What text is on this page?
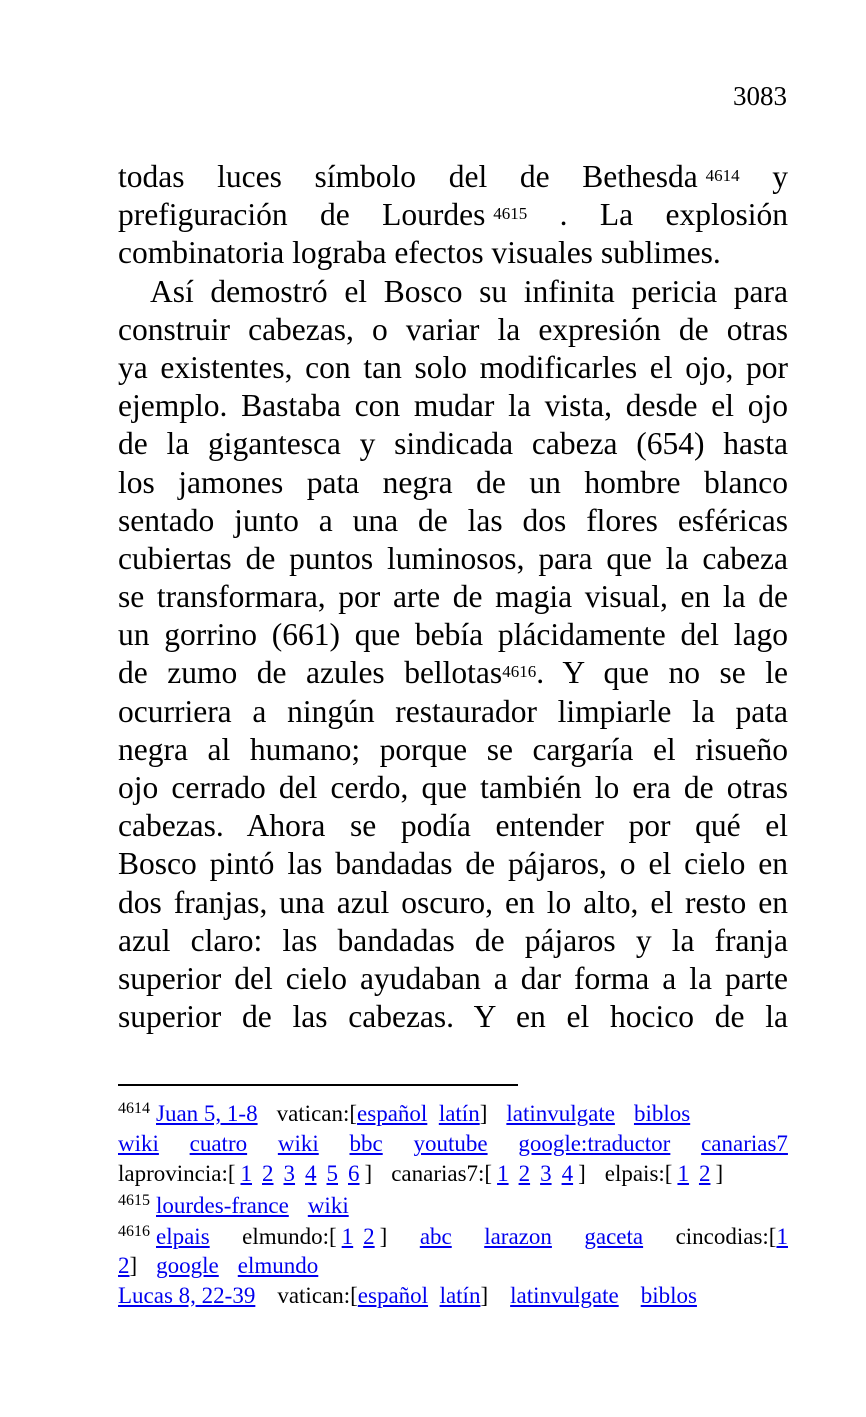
3083
todas luces símbolo del de Bethesda $^{4614}$ y
prefiguración de Lourdes $^{4615}$ . La explosión
combinatoria lograba efectos visuales sublimes.
Así demostró el Bosco su infinita pericia para
construir cabezas, o variar la expresión de otras
ya existentes, con tan solo modificarles el ojo, por
ejemplo. Bastaba con mudar la vista, desde el ojo
de la gigantesca y sindicada cabeza (654) hasta
los jamones pata negra de un hombre blanco
sentado junto a una de las dos flores esféricas
cubiertas de puntos luminosos, para que la cabeza
se transformara, por arte de magia visual, en la de
un gorrino (661) que bebía plácidamente del lago
de zumo de azules bellotas$^{4616}$. Y que no se le
ocurriera a ningún restaurador limpiarle la pata
negra al humano; porque se cargaría el risueño
ojo cerrado del cerdo, que también lo era de otras
cabezas. Ahora se podía entender por qué el
Bosco pintó las bandadas de pájaros, o el cielo en
dos franjas, una azul oscuro, en lo alto, el resto en
azul claro: las bandadas de pájaros y la franja
superior del cielo ayudaban a dar forma a la parte
superior de las cabezas. Y en el hocico de la
4614 Juan 5, 1-8 vatican:[español latín] latinvulgate biblos
wiki cuatro wiki bbc youtube google:traductor canarias7
laprovincia:[ 1 2 3 4 5 6 ] canarias7:[ 1 2 3 4 ] elpais:[ 1 2 ]
4615 lourdes-france wiki
$^{4616}$ elpais elmundo:[ 1 2 ] abc larazon gaceta cincodias:[1
2] google elmundo
Lucas 8, 22-39 vatican:[español latín] latinvulgate biblos
